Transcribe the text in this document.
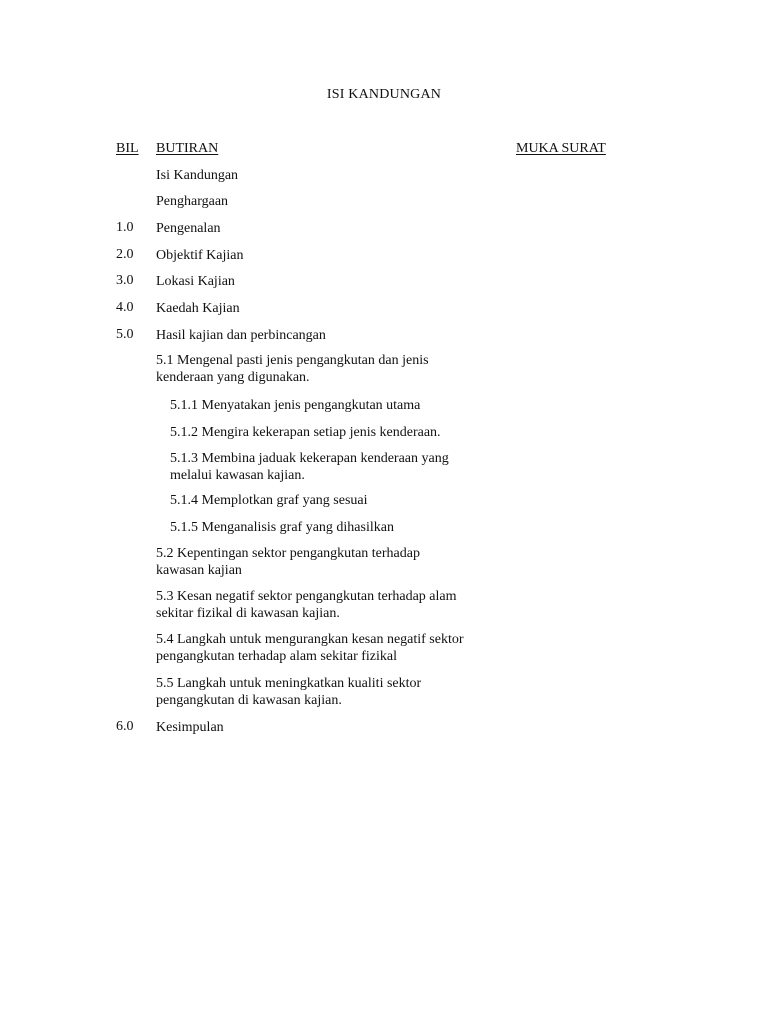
ISI KANDUNGAN
BIL BUTIRAN	MUKA SURAT
Isi Kandungan
Penghargaan
1.0 Pengenalan
2.0 Objektif Kajian
3.0 Lokasi Kajian
4.0 Kaedah Kajian
5.0 Hasil kajian dan perbincangan
5.1 Mengenal pasti jenis pengangkutan dan jenis kenderaan yang digunakan.
5.1.1 Menyatakan jenis pengangkutan utama
5.1.2 Mengira kekerapan setiap jenis kenderaan.
5.1.3 Membina jaduak kekerapan kenderaan yang melalui kawasan kajian.
5.1.4 Memplotkan graf yang sesuai
5.1.5 Menganalisis graf yang dihasilkan
5.2 Kepentingan sektor pengangkutan terhadap kawasan kajian
5.3 Kesan negatif sektor pengangkutan terhadap alam sekitar fizikal di kawasan kajian.
5.4 Langkah untuk mengurangkan kesan negatif sektor pengangkutan terhadap alam sekitar fizikal
5.5 Langkah untuk meningkatkan kualiti sektor pengangkutan di kawasan kajian.
6.0 Kesimpulan
